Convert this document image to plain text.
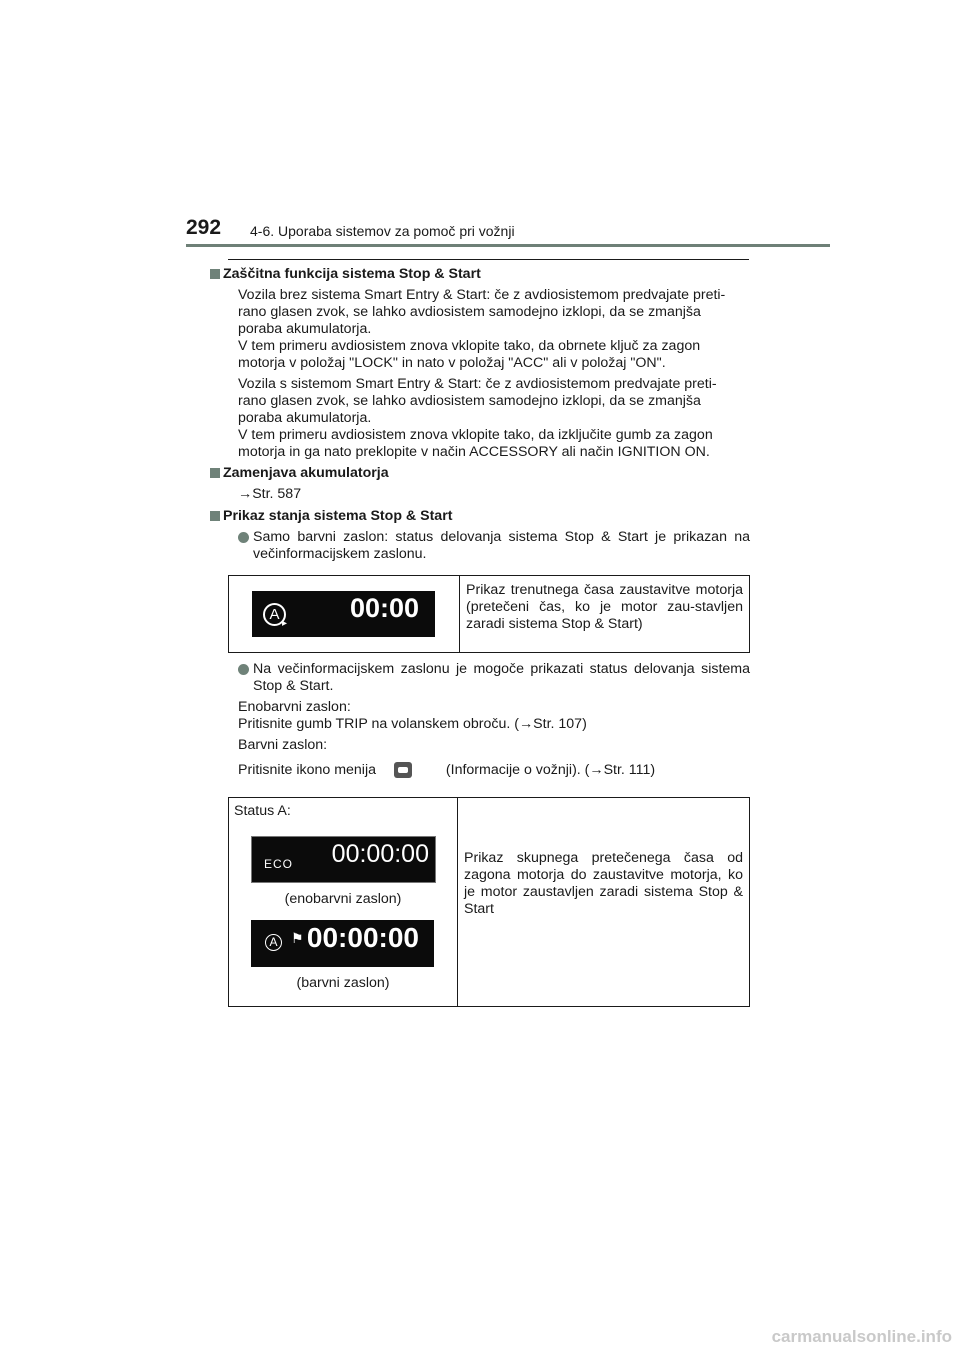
292 4-6. Uporaba sistemov za pomoč pri vožnji
Zaščitna funkcija sistema Stop & Start
Vozila brez sistema Smart Entry & Start: če z avdiosistemom predvajate preti-
rano glasen zvok, se lahko avdiosistem samodejno izklopi, da se zmanjša
poraba akumulatorja.
V tem primeru avdiosistem znova vklopite tako, da obrnete ključ za zagon
motorja v položaj "LOCK" in nato v položaj "ACC" ali v položaj "ON".
Vozila s sistemom Smart Entry & Start: če z avdiosistemom predvajate preti-
rano glasen zvok, se lahko avdiosistem samodejno izklopi, da se zmanjša
poraba akumulatorja.
V tem primeru avdiosistem znova vklopite tako, da izključite gumb za zagon
motorja in ga nato preklopite v način ACCESSORY ali način IGNITION ON.
Zamenjava akumulatorja
→Str. 587
Prikaz stanja sistema Stop & Start
Samo barvni zaslon: status delovanja sistema Stop & Start je prikazan na večinformacijskem zaslonu.
A
▸
00:00
	Prikaz trenutnega časa zaustavitve motorja (pretečeni čas, ko je motor zau-stavljen zaradi sistema Stop & Start)
Na večinformacijskem zaslonu je mogoče prikazati status delovanja sistema Stop & Start.
Enobarvni zaslon:
Pritisnite gumb TRIP na volanskem obroču. (→Str. 107)
Barvni zaslon:
Pritisnite ikono menija	(Informacije o vožnji). (→Str. 111)
Status A:
ECO 00:00:00
(enobarvni zaslon)
A ⚑ 00:00:00
(barvni zaslon)

Prikaz skupnega pretečenega časa od zagona motorja do zaustavitve motorja, ko je motor zaustavljen zaradi sistema Stop & Start
carmanualsonline.info
